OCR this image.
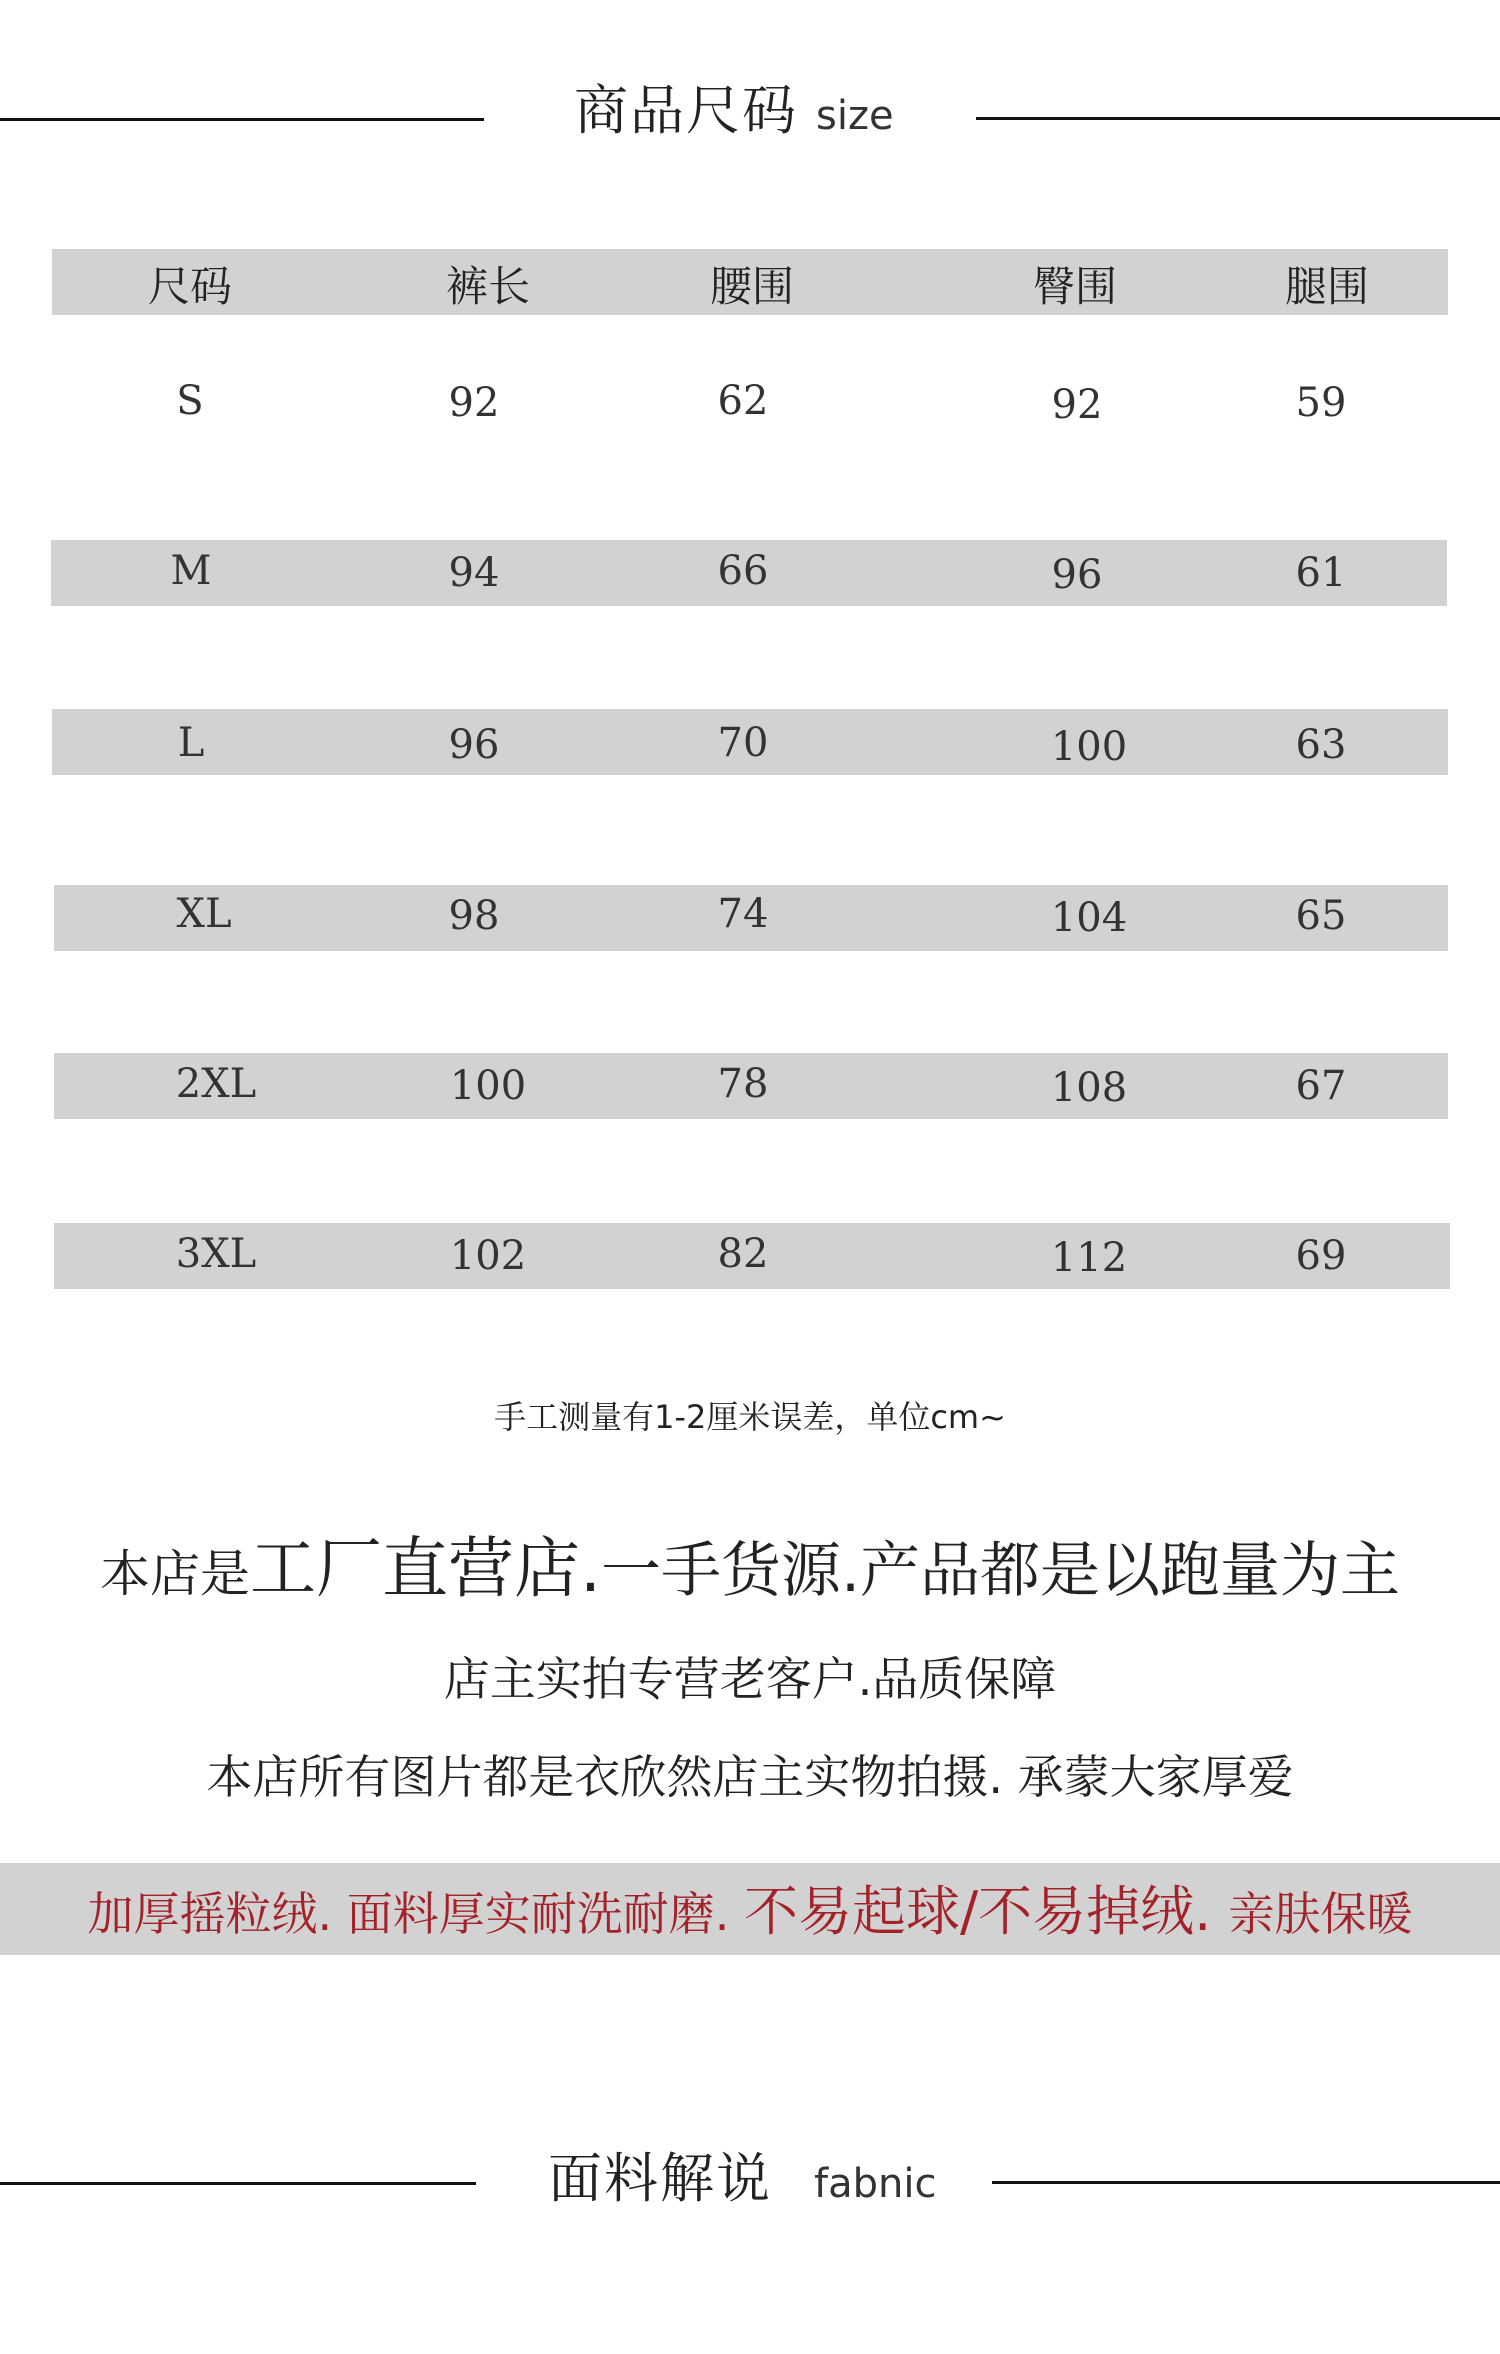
商品尺码 size
尺码	裤长	腰围	臀围	腿围
S	92	62	92	59
M	94	66	96	61
L	96	70	100	63
XL	98	74	104	65
2XL	100	78	108	67
3XL	102	82	112	69
手工测量有1-2厘米误差，单位cm~
本店是工厂直营店.一手货源.产品都是以跑量为主
店主实拍专营老客户.品质保障
本店所有图片都是衣欣然店主实物拍摄. 承蒙大家厚爱
加厚摇粒绒. 面料厚实耐洗耐磨. 不易起球/不易掉绒. 亲肤保暖
面料解说 fabnic
